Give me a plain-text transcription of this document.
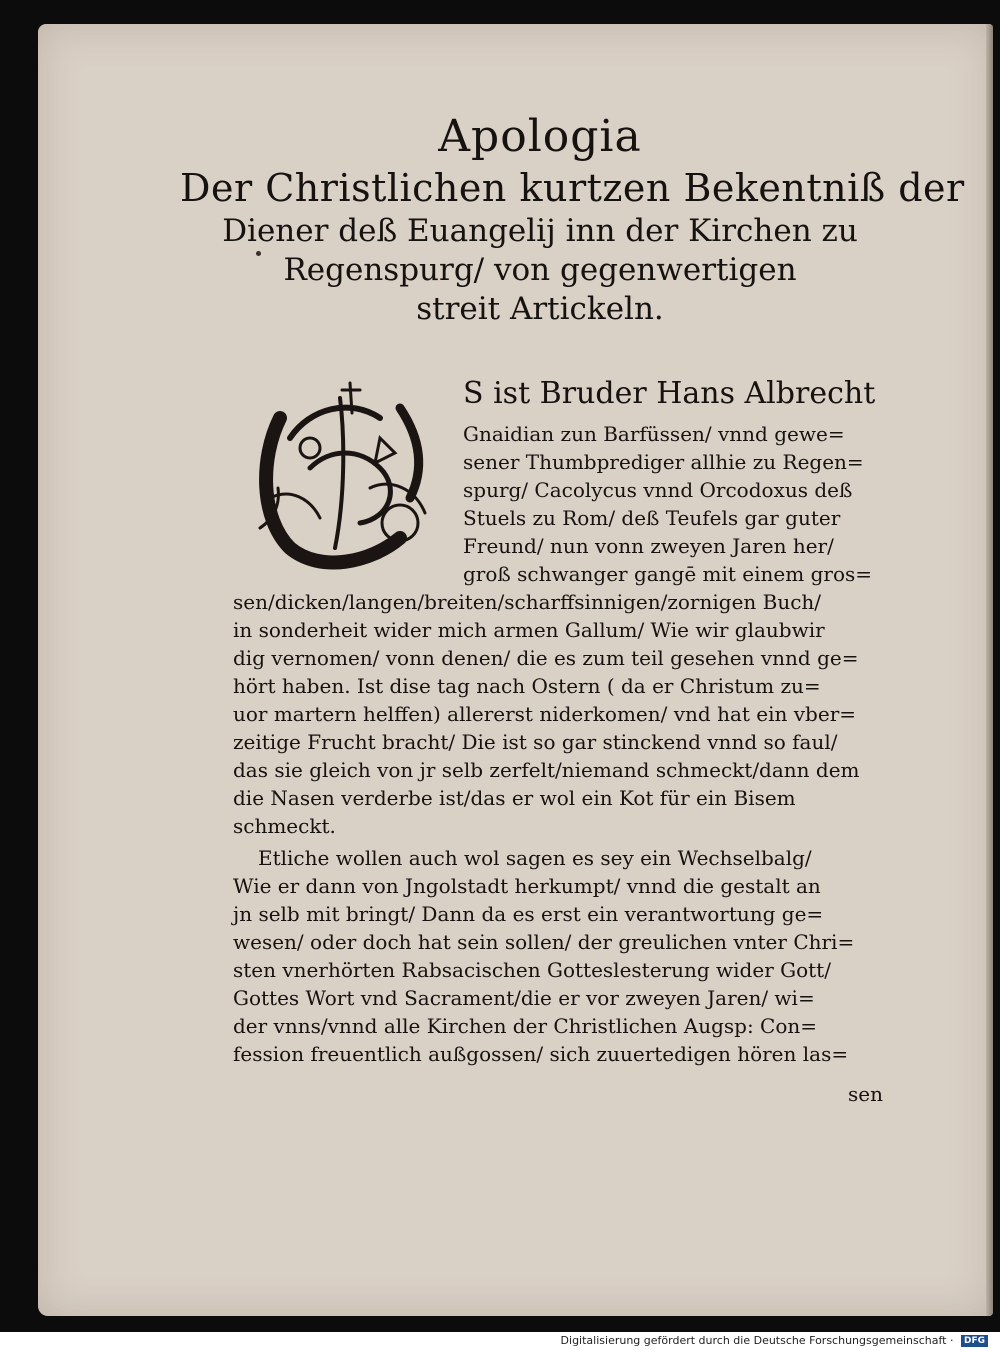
Apologia
Der Christlichen kurtzen Bekentniß der
Diener deß Euangelij inn der Kirchen zu
Regenspurg/ von gegenwertigen
streit Artickeln.
S ist Bruder Hans Albrecht
Gnaidian zun Barfüssen/ vnnd gewe=
sener Thumbprediger allhie zu Regen=
spurg/ Cacolycus vnnd Orcodoxus deß
Stuels zu Rom/ deß Teufels gar guter
Freund/ nun vonn zweyen Jaren her/
groß schwanger gangē mit einem gros=
sen/dicken/langen/breiten/scharffsinnigen/zornigen Buch/
in sonderheit wider mich armen Gallum/ Wie wir glaubwir
dig vernomen/ vonn denen/ die es zum teil gesehen vnnd ge=
hört haben. Ist dise tag nach Ostern ( da er Christum zu=
uor martern helffen) allererst niderkomen/ vnd hat ein vber=
zeitige Frucht bracht/ Die ist so gar stinckend vnnd so faul/
das sie gleich von jr selb zerfelt/niemand schmeckt/dann dem
die Nasen verderbe ist/das er wol ein Kot für ein Bisem
schmeckt.
Etliche wollen auch wol sagen es sey ein Wechselbalg/
Wie er dann von Jngolstadt herkumpt/ vnnd die gestalt an
jn selb mit bringt/ Dann da es erst ein verantwortung ge=
wesen/ oder doch hat sein sollen/ der greulichen vnter Chri=
sten vnerhörten Rabsacischen Gotteslesterung wider Gott/
Gottes Wort vnd Sacrament/die er vor zweyen Jaren/ wi=
der vnns/vnnd alle Kirchen der Christlichen Augsp: Con=
fession freuentlich außgossen/ sich zuuertedigen hören las=
sen
Digitalisierung gefördert durch die Deutsche Forschungsgemeinschaft · DFG
